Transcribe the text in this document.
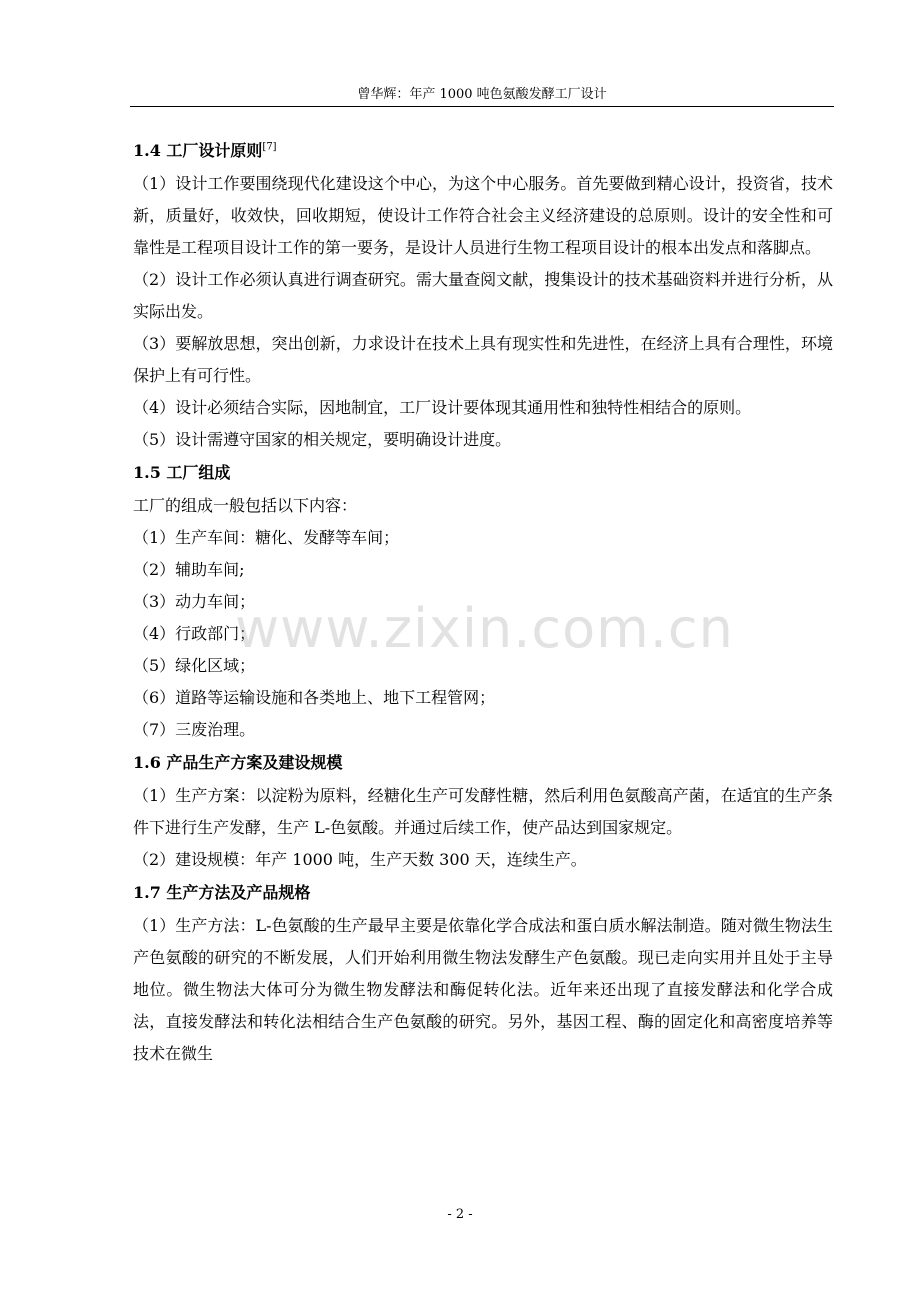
曾华辉：年产 1000 吨色氨酸发酵工厂设计
1.4 工厂设计原则[7]
（1）设计工作要围绕现代化建设这个中心，为这个中心服务。首先要做到精心设计，投资省，技术新，质量好，收效快，回收期短，使设计工作符合社会主义经济建设的总原则。设计的安全性和可靠性是工程项目设计工作的第一要务，是设计人员进行生物工程项目设计的根本出发点和落脚点。
（2）设计工作必须认真进行调查研究。需大量查阅文献，搜集设计的技术基础资料并进行分析，从实际出发。
（3）要解放思想，突出创新，力求设计在技术上具有现实性和先进性，在经济上具有合理性，环境保护上有可行性。
（4）设计必须结合实际，因地制宜，工厂设计要体现其通用性和独特性相结合的原则。
（5）设计需遵守国家的相关规定，要明确设计进度。
1.5 工厂组成
工厂的组成一般包括以下内容：
（1）生产车间：糖化、发酵等车间；
（2）辅助车间;
（3）动力车间；
（4）行政部门；
（5）绿化区域；
（6）道路等运输设施和各类地上、地下工程管网；
（7）三废治理。
1.6 产品生产方案及建设规模
（1）生产方案：以淀粉为原料，经糖化生产可发酵性糖，然后利用色氨酸高产菌，在适宜的生产条件下进行生产发酵，生产 L-色氨酸。并通过后续工作，使产品达到国家规定。
（2）建设规模：年产 1000 吨，生产天数 300 天，连续生产。
1.7 生产方法及产品规格
（1）生产方法：L-色氨酸的生产最早主要是依靠化学合成法和蛋白质水解法制造。随对微生物法生产色氨酸的研究的不断发展，人们开始利用微生物法发酵生产色氨酸。现已走向实用并且处于主导地位。微生物法大体可分为微生物发酵法和酶促转化法。近年来还出现了直接发酵法和化学合成法，直接发酵法和转化法相结合生产色氨酸的研究。另外，基因工程、酶的固定化和高密度培养等技术在微生
www.zixin.com.cn
- 2 -
